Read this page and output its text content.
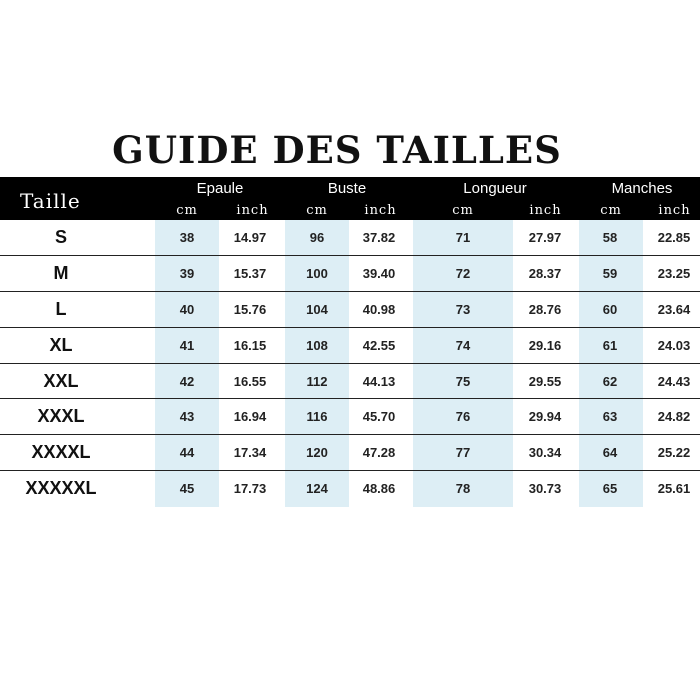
GUIDE DES TAILLES
Taille
Epaule	Buste	Longueur	Manches
cm	inch	cm	inch	cm	inch	cm	inch
S	38	14.97	96	37.82	71	27.97	58	22.85
M	39	15.37	100	39.40	72	28.37	59	23.25
L	40	15.76	104	40.98	73	28.76	60	23.64
XL	41	16.15	108	42.55	74	29.16	61	24.03
XXL	42	16.55	112	44.13	75	29.55	62	24.43
XXXL	43	16.94	116	45.70	76	29.94	63	24.82
XXXXL	44	17.34	120	47.28	77	30.34	64	25.22
XXXXXL	45	17.73	124	48.86	78	30.73	65	25.61
